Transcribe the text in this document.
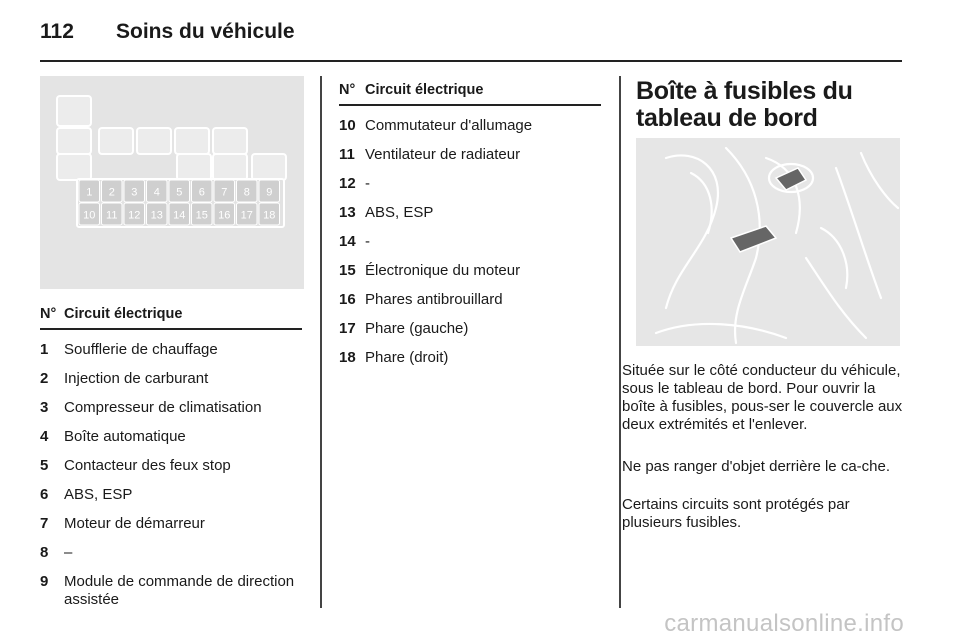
112	Soins du véhicule
1 2 3 4 5 6 7 8 9
10 11 12 13 14 15 16 17 18
N° Circuit électrique
1	Soufflerie de chauffage
2	Injection de carburant
3	Compresseur de climatisation
4	Boîte automatique
5	Contacteur des feux stop
6	ABS, ESP
7	Moteur de démarreur
8	–
9	Module de commande de direction assistée
N° Circuit électrique
10 Commutateur d'allumage
11 Ventilateur de radiateur
12 -
13 ABS, ESP
14 -
15 Électronique du moteur
16 Phares antibrouillard
17 Phare (gauche)
18 Phare (droit)
Boîte à fusibles du tableau de bord

Située sur le côté conducteur du véhicule, sous le tableau de bord. Pour ouvrir la boîte à fusibles, pous-ser le couvercle aux deux extrémités et l'enlever.

Ne pas ranger d'objet derrière le ca-che.

Certains circuits sont protégés par plusieurs fusibles.

carmanualsonline.info
